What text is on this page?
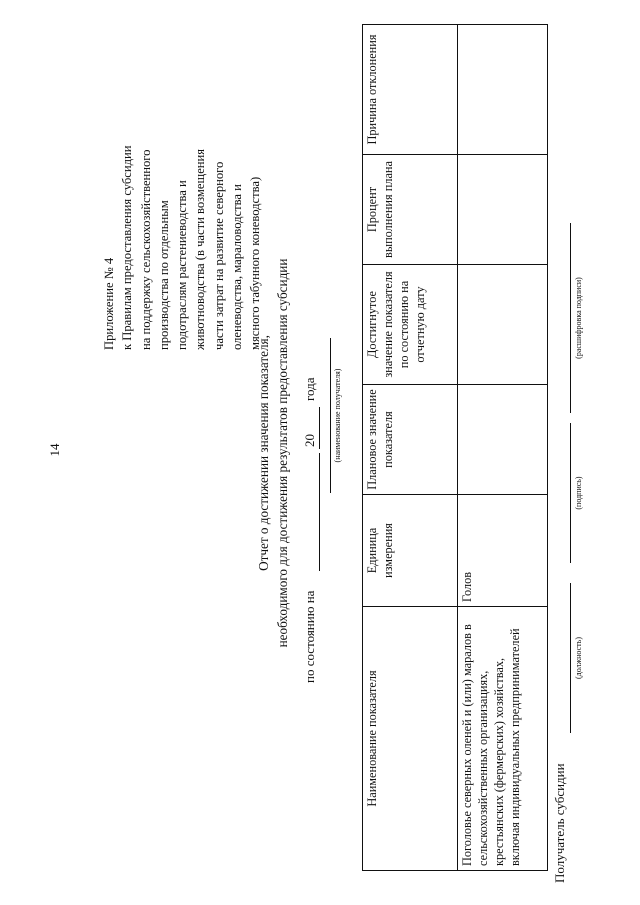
14
Приложение № 4 к Правилам предоставления субсидии на поддержку сельскохозяйственного производства по отдельным подотраслям растениеводства и животноводства (в части возмещения части затрат на развитие северного оленеводства, мараловодства и мясного табунного коневодства)
Отчет о достижении значения показателя, необходимого для достижения результатов предоставления субсидии по состоянию на
20
года (наименование получателя)
Наименование показателя	Единица измерения	Плановое значение показателя	Достигнутое значение показателя по состоянию на отчетную дату	Процент выполнения плана	Причина отклонения
Поголовье северных оленей и (или) маралов в сельскохозяйственных организациях, крестьянских (фермерских) хозяйствах, включая индивидуальных предпринимателей	Голов				
Получатель субсидии
(должность)
(подпись)
(расшифровка подписи)
